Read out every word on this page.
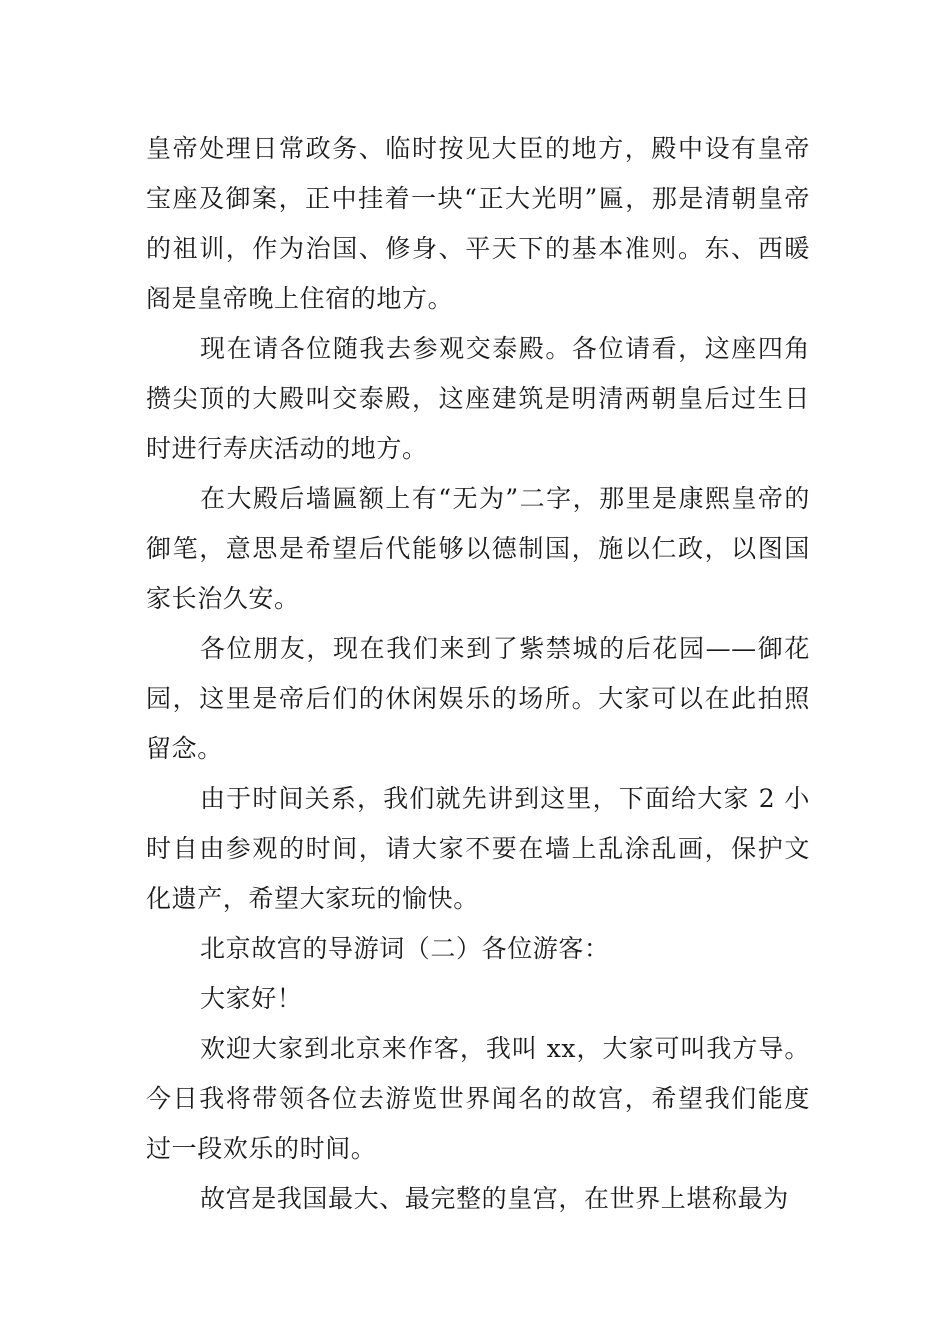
皇帝处理日常政务、临时按见大臣的地方，殿中设有皇帝宝座及御案，正中挂着一块“正大光明”匾，那是清朝皇帝的祖训，作为治国、修身、平天下的基本准则。东、西暖阁是皇帝晚上住宿的地方。

现在请各位随我去参观交泰殿。各位请看，这座四角攒尖顶的大殿叫交泰殿，这座建筑是明清两朝皇后过生日时进行寿庆活动的地方。

在大殿后墙匾额上有“无为”二字，那里是康熙皇帝的御笔，意思是希望后代能够以德制国，施以仁政，以图国家长治久安。

各位朋友，现在我们来到了紫禁城的后花园——御花园，这里是帝后们的休闲娱乐的场所。大家可以在此拍照留念。

由于时间关系，我们就先讲到这里，下面给大家 2 小时自由参观的时间，请大家不要在墙上乱涂乱画，保护文化遗产，希望大家玩的愉快。

北京故宫的导游词（二）各位游客：

大家好！

欢迎大家到北京来作客，我叫 xx，大家可叫我方导。今日我将带领各位去游览世界闻名的故宫，希望我们能度过一段欢乐的时间。

故宫是我国最大、最完整的皇宫，在世界上堪称最为
